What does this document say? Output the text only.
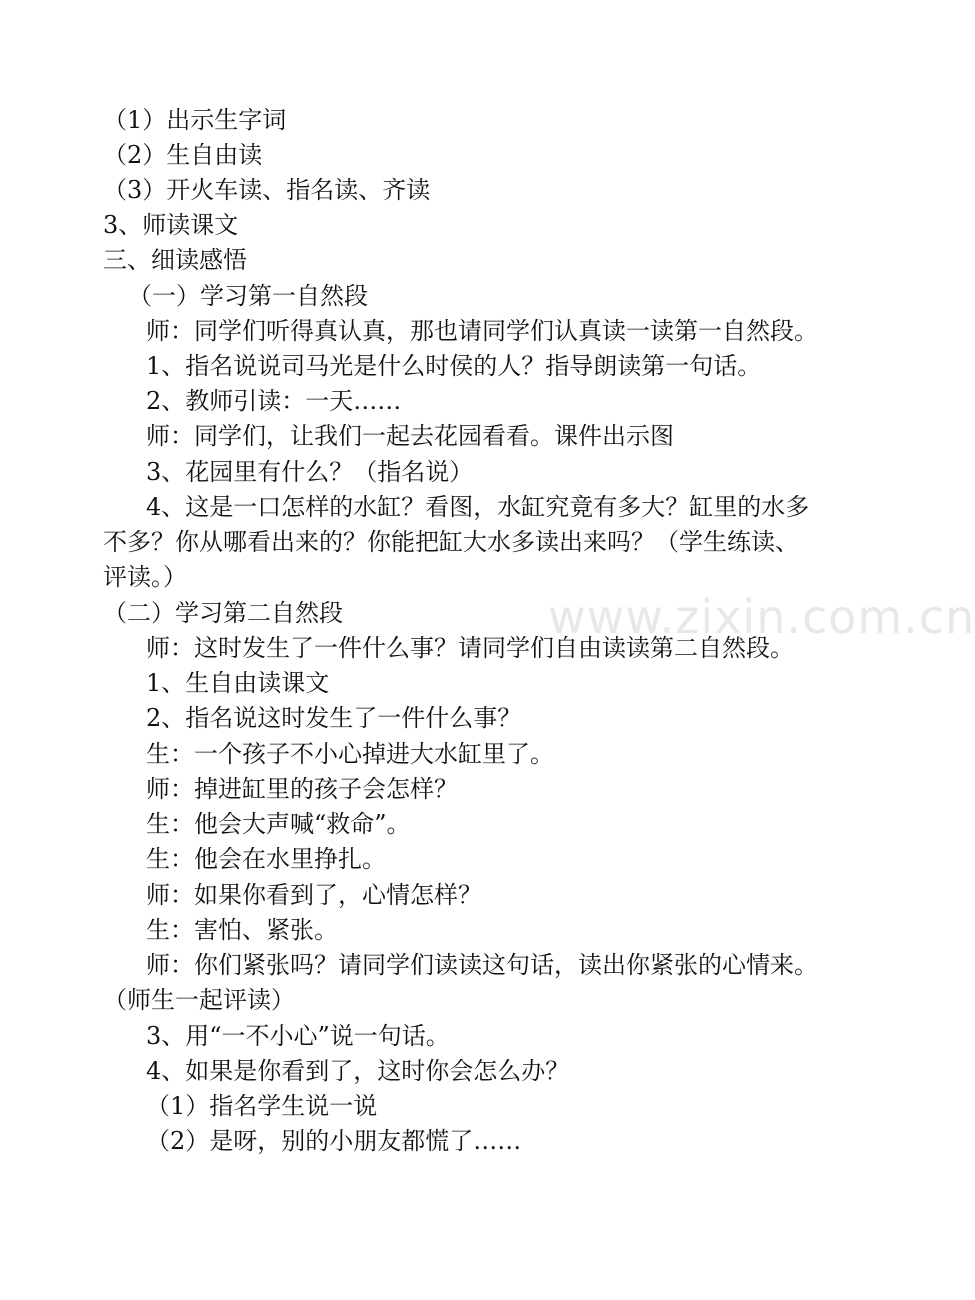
www.zixin.com.cn
（1）出示生字词
（2）生自由读
（3）开火车读、指名读、齐读
3、师读课文
三、细读感悟
（一）学习第一自然段
师：同学们听得真认真，那也请同学们认真读一读第一自然段。
1、指名说说司马光是什么时侯的人？指导朗读第一句话。
2、教师引读：一天……
师：同学们，让我们一起去花园看看。课件出示图
3、花园里有什么？（指名说）
4、这是一口怎样的水缸？看图，水缸究竟有多大？缸里的水多
不多？你从哪看出来的？你能把缸大水多读出来吗？（学生练读、
评读。）
（二）学习第二自然段
师：这时发生了一件什么事？请同学们自由读读第二自然段。
1、生自由读课文
2、指名说这时发生了一件什么事？
生：一个孩子不小心掉进大水缸里了。
师：掉进缸里的孩子会怎样？
生：他会大声喊“救命”。
生：他会在水里挣扎。
师：如果你看到了，心情怎样？
生：害怕、紧张。
师：你们紧张吗？请同学们读读这句话，读出你紧张的心情来。
（师生一起评读）
3、用“一不小心”说一句话。
4、如果是你看到了，这时你会怎么办？
（1）指名学生说一说
（2）是呀，别的小朋友都慌了……
